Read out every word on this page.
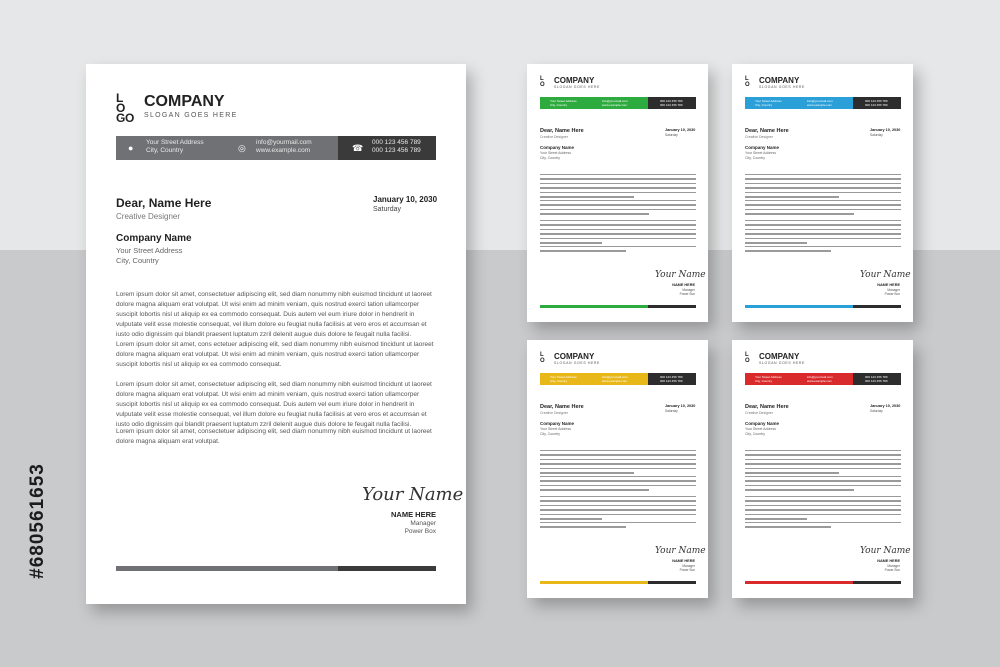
#680561653
L
O
G O
COMPANY
SLOGAN GOES HERE
●
Your Street Address
City, Country	◎
info@yourmail.com
www.example.com	☎
000 123 456 789
000 123 456 789
Dear, Name Here
Creative Designer
January 10, 2030
Saturday
Company Name
Your Street Address
City, Country
Lorem ipsum dolor sit amet, consectetuer adipiscing elit, sed diam nonummy nibh euismod tincidunt ut laoreet dolore magna aliquam erat volutpat. Ut wisi enim ad minim veniam, quis nostrud exerci tation ullamcorper suscipit lobortis nisl ut aliquip ex ea commodo consequat. Duis autem vel eum iriure dolor in hendrerit in vulputate velit esse molestie consequat, vel illum dolore eu feugiat nulla facilisis at vero eros et accumsan et iusto odio dignissim qui blandit praesent luptatum zzril delenit augue duis dolore te feugait nulla facilisi.
Lorem ipsum dolor sit amet, cons ectetuer adipiscing elit, sed diam nonummy nibh euismod tincidunt ut laoreet dolore magna aliquam erat volutpat. Ut wisi enim ad minim veniam, quis nostrud exerci tation ullamcorper suscipit lobortis nisl ut aliquip ex ea commodo consequat.
Lorem ipsum dolor sit amet, consectetuer adipiscing elit, sed diam nonummy nibh euismod tincidunt ut laoreet dolore magna aliquam erat volutpat. Ut wisi enim ad minim veniam, quis nostrud exerci tation ullamcorper suscipit lobortis nisl ut aliquip ex ea commodo consequat. Duis autem vel eum iriure dolor in hendrerit in vulputate velit esse molestie consequat, vel illum dolore eu feugiat nulla facilisis at vero eros et accumsan et iusto odio dignissim qui blandit praesent luptatum zzril delenit augue duis dolore te feugait nulla facilisi.
Lorem ipsum dolor sit amet, consectetuer adipiscing elit, sed diam nonummy nibh euismod tincidunt ut laoreet dolore magna aliquam erat volutpat.
Your Name
NAME HERE
Manager
Power Box
L
O COMPANY
SLOGAN GOES HERE
Your Street Address
City, Country
info@yourmail.com
www.example.com
000 123 456 789
000 123 456 789
Dear, Name Here
Creative Designer
January 10, 2030
Saturday
Company Name
Your Street Address
City, Country
Your Name
NAME HERE
Manager
Power Box
L
O COMPANY
SLOGAN GOES HERE
Your Street Address
City, Country
info@yourmail.com
www.example.com
000 123 456 789
000 123 456 789
Dear, Name Here
Creative Designer
January 10, 2030
Saturday
Company Name
Your Street Address
City, Country
Your Name
NAME HERE
Manager
Power Box
L
O COMPANY
SLOGAN GOES HERE
Your Street Address
City, Country
info@yourmail.com
www.example.com
000 123 456 789
000 123 456 789
Dear, Name Here
Creative Designer
January 10, 2030
Saturday
Company Name
Your Street Address
City, Country
Your Name
NAME HERE
Manager
Power Box
L
O COMPANY
SLOGAN GOES HERE
Your Street Address
City, Country
info@yourmail.com
www.example.com
000 123 456 789
000 123 456 789
Dear, Name Here
Creative Designer
January 10, 2030
Saturday
Company Name
Your Street Address
City, Country
Your Name
NAME HERE
Manager
Power Box
